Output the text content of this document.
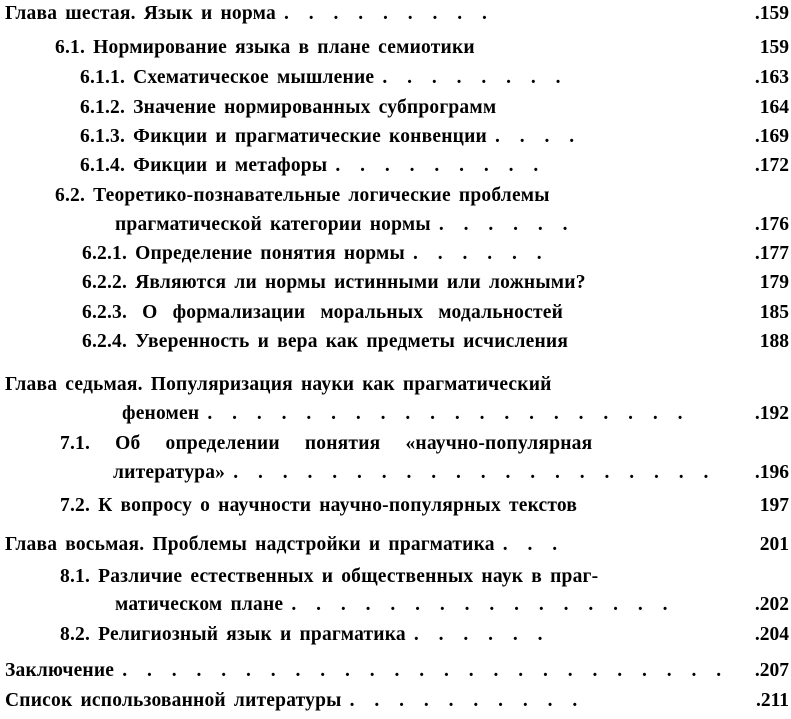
Глава шестая. Язык и норма . . . . . . . . .	.159
6.1. Нормирование языка в плане семиотики	159
6.1.1. Схематическое мышление . . . . . . . .	.163
6.1.2. Значение нормированных субпрограмм	164
6.1.3. Фикции и прагматические конвенции . . . .	.169
6.1.4. Фикции и метафоры . . . . . . . . .	.172
6.2. Теоретико-познавательные логические проблемы
прагматической категории нормы . . . . . .	.176
6.2.1. Определение понятия нормы . . . . . .	.177
6.2.2. Являются ли нормы истинными или ложными?	179
6.2.3. О формализации моральных модальностей	185
6.2.4. Уверенность и вера как предметы исчисления	188
Глава седьмая. Популяризация науки как прагматический
феномен . . . . . . . . . . . . . . . . . . . .	.192
7.1. Об определении понятия «научно-популярная
литература» . . . . . . . . . . . . . . . . . . . . .196
7.2. К вопросу о научности научно-популярных текстов	197
Глава восьмая. Проблемы надстройки и прагматика . . .	201
8.1. Различие естественных и общественных наук в праг-
матическом плане . . . . . . . . . . . . . . . .	.202
8.2. Религиозный язык и прагматика . . . . . .	.204
Заключение . . . . . . . . . . . . . . . . . . . . . . . . . .207
Список использованной литературы . . . . . . . . . .	.211
